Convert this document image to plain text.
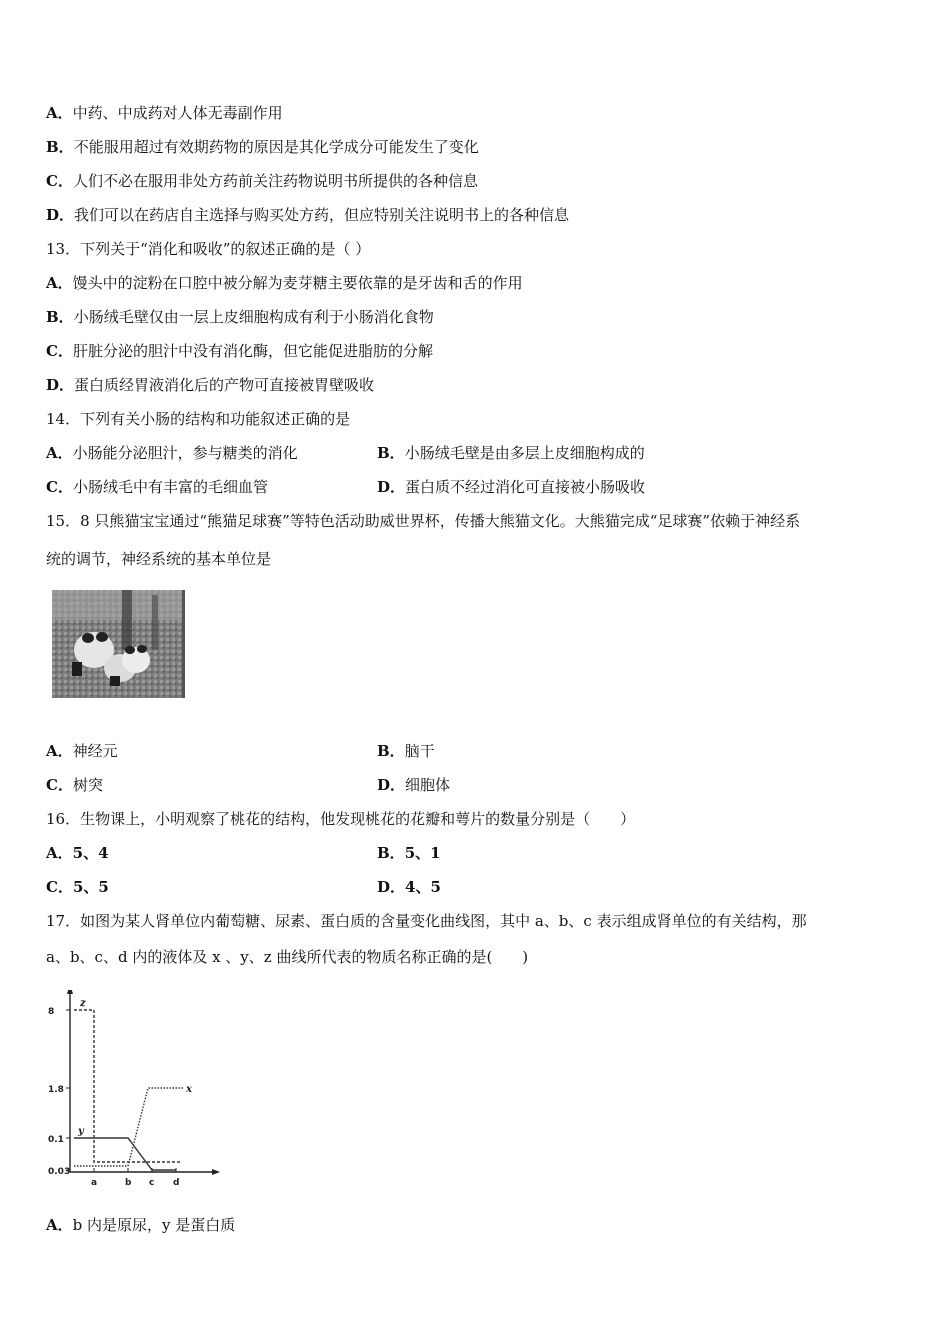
A．中药、中成药对人体无毒副作用
B．不能服用超过有效期药物的原因是其化学成分可能发生了变化
C．人们不必在服用非处方药前关注药物说明书所提供的各种信息
D．我们可以在药店自主选择与购买处方药，但应特别关注说明书上的各种信息
13．下列关于“消化和吸收”的叙述正确的是（ ）
A．馒头中的淀粉在口腔中被分解为麦芽糖主要依靠的是牙齿和舌的作用
B．小肠绒毛壁仅由一层上皮细胞构成有利于小肠消化食物
C．肝脏分泌的胆汁中没有消化酶，但它能促进脂肪的分解
D．蛋白质经胃液消化后的产物可直接被胃壁吸收
14．下列有关小肠的结构和功能叙述正确的是
A．小肠能分泌胆汁，参与糖类的消化	B．小肠绒毛壁是由多层上皮细胞构成的
C．小肠绒毛中有丰富的毛细血管	D．蛋白质不经过消化可直接被小肠吸收
15．8 只熊猫宝宝通过“熊猫足球赛”等特色活动助威世界杯，传播大熊猫文化。大熊猫完成“足球赛”依赖于神经系
统的调节，神经系统的基本单位是
A．神经元	B．脑干
C．树突	D．细胞体
16．生物课上，小明观察了桃花的结构，他发现桃花的花瓣和萼片的数量分别是（　　）
A．5、4	B．5、1
C．5、5	D．4、5
17．如图为某人肾单位内葡萄糖、尿素、蛋白质的含量变化曲线图，其中 a、b、c 表示组成肾单位的有关结构，那
a、b、c、d 内的液体及 x 、y、z 曲线所代表的物质名称正确的是(　　)
8
1.8
0.1
0.03
a	b c d
z
x
y
A．b 内是原尿，y 是蛋白质
